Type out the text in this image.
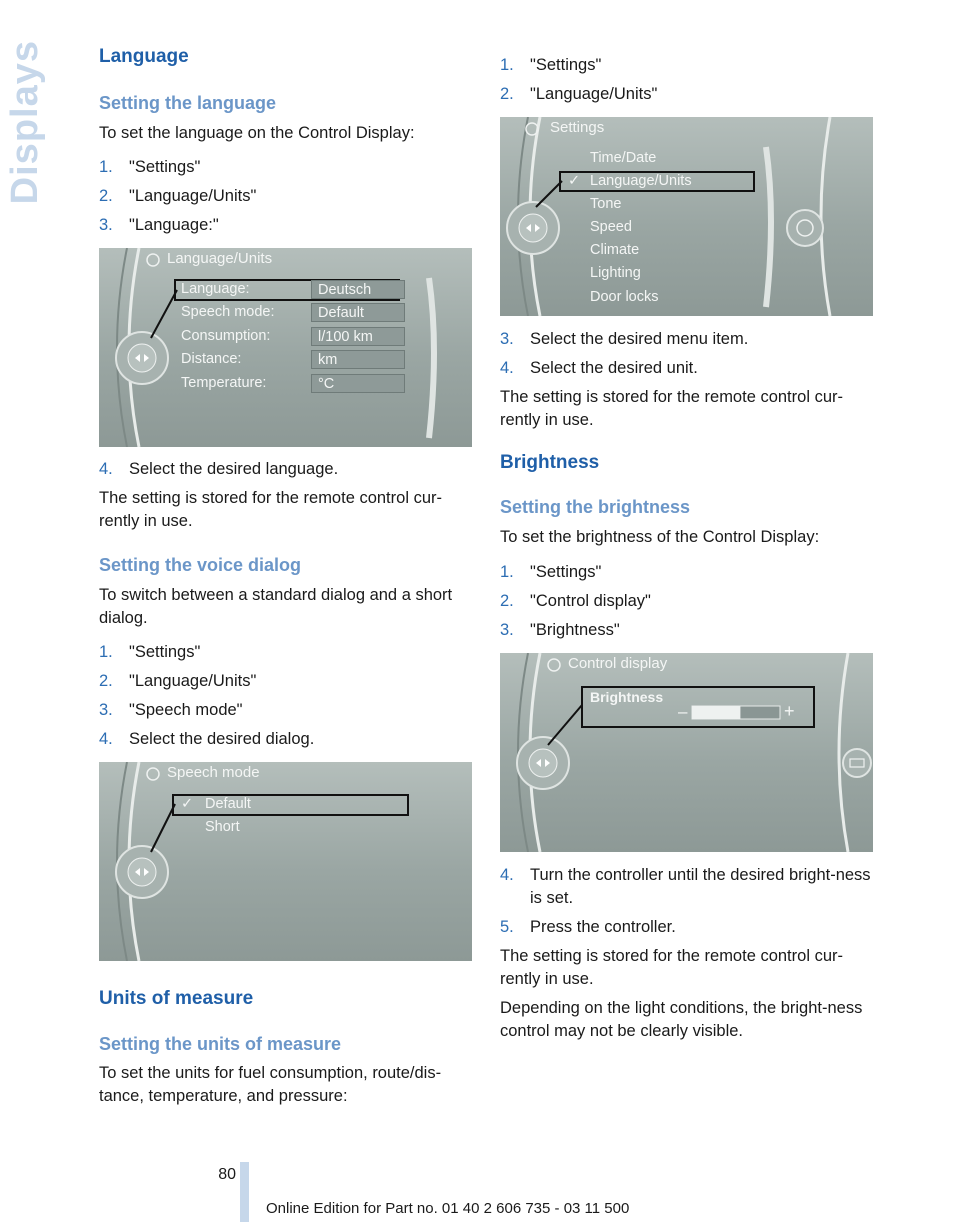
Displays	Language
Setting the language
To set the language on the Control Display:
1. "Settings"
2. "Language/Units"
3. "Language:"
Language/Units
Language:	Deutsch
Speech mode:	Default
Consumption:	l/100 km
Distance:	km
Temperature:	°C
4. Select the desired language.
The setting is stored for the remote control cur-rently in use.
Setting the voice dialog
To switch between a standard dialog and a short dialog.
1. "Settings"
2. "Language/Units"
3. "Speech mode"
4. Select the desired dialog.
Speech mode
✓ Default
Short
Units of measure
Setting the units of measure
To set the units for fuel consumption, route/dis-tance, temperature, and pressure:
1. "Settings"
2. "Language/Units"
Settings
Time/Date
✓ Language/Units
Tone
Speed
Climate
Lighting
Door locks
3. Select the desired menu item.
4. Select the desired unit.
The setting is stored for the remote control cur-rently in use.
Brightness
Setting the brightness
To set the brightness of the Control Display:
1. "Settings"
2. "Control display"
3. "Brightness"
Control display
Brightness
–	+
4. Turn the controller until the desired bright-ness is set.
5. Press the controller.
The setting is stored for the remote control cur-rently in use.
Depending on the light conditions, the bright-ness control may not be clearly visible.
80
Online Edition for Part no. 01 40 2 606 735 - 03 11 500
